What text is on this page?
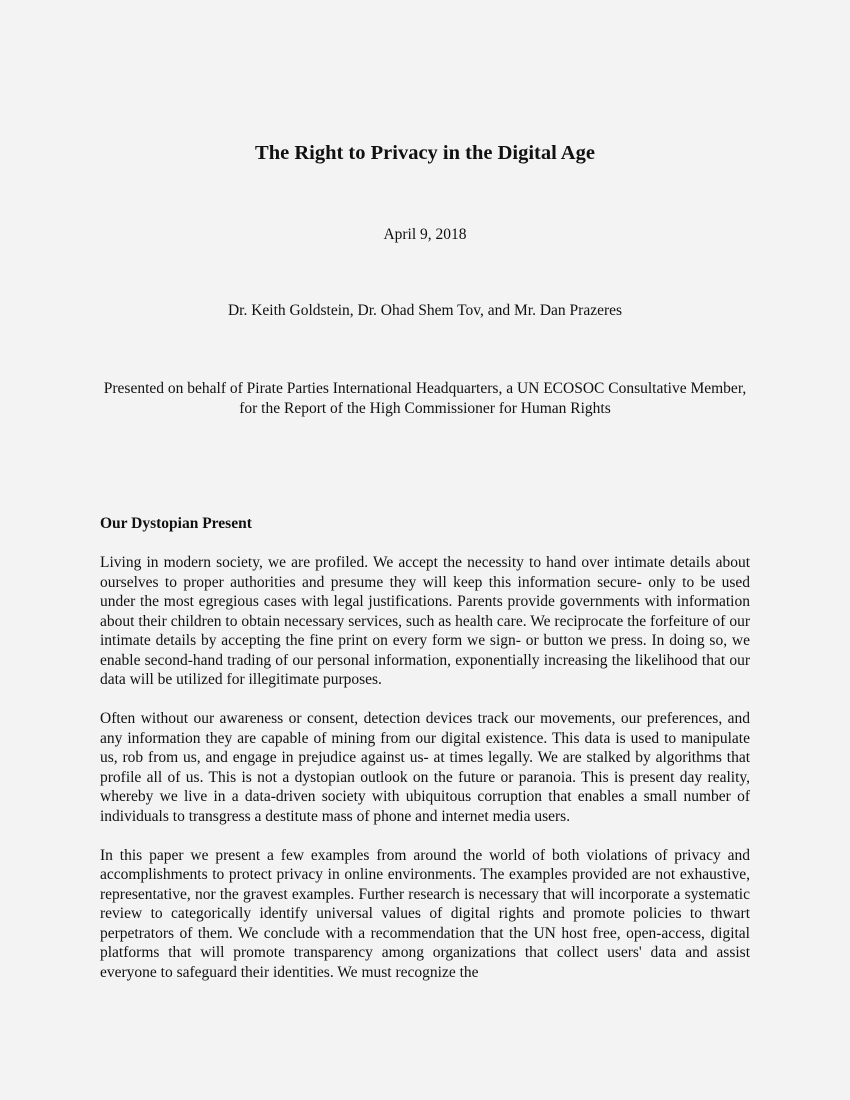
The Right to Privacy in the Digital Age

April 9, 2018

Dr. Keith Goldstein, Dr. Ohad Shem Tov, and Mr. Dan Prazeres

Presented on behalf of Pirate Parties International Headquarters, a UN ECOSOC Consultative Member, for the Report of the High Commissioner for Human Rights

Our Dystopian Present

Living in modern society, we are profiled. We accept the necessity to hand over intimate details about ourselves to proper authorities and presume they will keep this information secure- only to be used under the most egregious cases with legal justifications. Parents provide governments with information about their children to obtain necessary services, such as health care. We reciprocate the forfeiture of our intimate details by accepting the fine print on every form we sign- or button we press. In doing so, we enable second-hand trading of our personal information, exponentially increasing the likelihood that our data will be utilized for illegitimate purposes.

Often without our awareness or consent, detection devices track our movements, our preferences, and any information they are capable of mining from our digital existence. This data is used to manipulate us, rob from us, and engage in prejudice against us- at times legally. We are stalked by algorithms that profile all of us. This is not a dystopian outlook on the future or paranoia. This is present day reality, whereby we live in a data-driven society with ubiquitous corruption that enables a small number of individuals to transgress a destitute mass of phone and internet media users.

In this paper we present a few examples from around the world of both violations of privacy and accomplishments to protect privacy in online environments. The examples provided are not exhaustive, representative, nor the gravest examples. Further research is necessary that will incorporate a systematic review to categorically identify universal values of digital rights and promote policies to thwart perpetrators of them. We conclude with a recommendation that the UN host free, open-access, digital platforms that will promote transparency among organizations that collect users' data and assist everyone to safeguard their identities. We must recognize the
